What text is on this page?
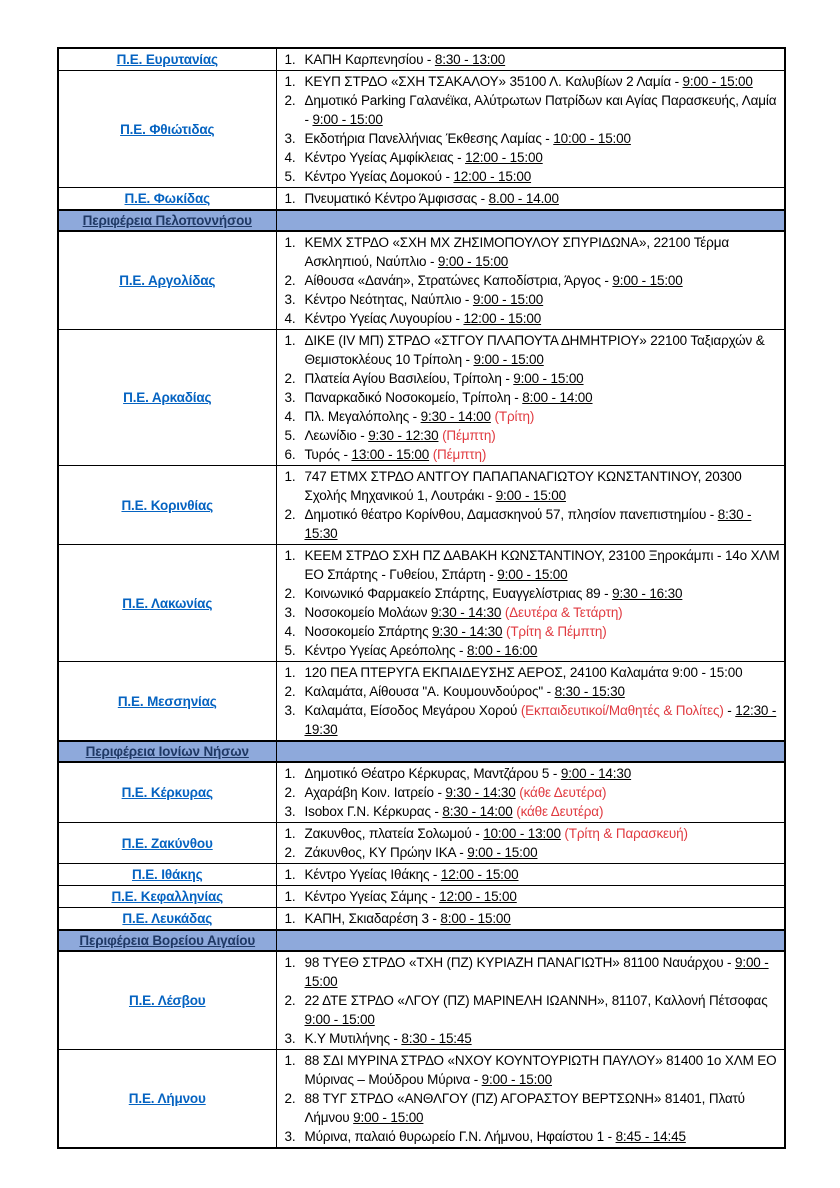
Π.Ε. Ευρυτανίας	1. ΚΑΠΗ Καρπενησίου - 8:30 - 13:00

Π.Ε. Φθιώτιδας	
1. ΚΕΥΠ ΣΤΡΔΟ «ΣΧΗ ΤΣΑΚΑΛΟΥ» 35100 Λ. Καλυβίων 2 Λαμία - 9:00 - 15:00
2. Δημοτικό Parking Γαλανέϊκα, Αλύτρωτων Πατρίδων και Αγίας Παρασκευής, Λαμία - 9:00 - 15:00
3. Εκδοτήρια Πανελλήνιας Έκθεσης Λαμίας - 10:00 - 15:00
4. Κέντρο Υγείας Αμφίκλειας - 12:00 - 15:00
5. Κέντρο Υγείας Δομοκού - 12:00 - 15:00

Π.Ε. Φωκίδας	1. Πνευματικό Κέντρο Άμφισσας - 8.00 - 14.00

Περιφέρεια Πελοποννήσου	

Π.Ε. Αργολίδας	
1. ΚΕΜΧ ΣΤΡΔΟ «ΣΧΗ ΜΧ ΖΗΣΙΜΟΠΟΥΛΟΥ ΣΠΥΡΙΔΩΝΑ», 22100 Τέρμα Ασκληπιού, Ναύπλιο - 9:00 - 15:00
2. Αίθουσα «Δανάη», Στρατώνες Καποδίστρια, Άργος - 9:00 - 15:00
3. Κέντρο Νεότητας, Ναύπλιο - 9:00 - 15:00
4. Κέντρο Υγείας Λυγουρίου - 12:00 - 15:00

Π.Ε. Αρκαδίας	
1. ΔΙΚΕ (IV ΜΠ) ΣΤΡΔΟ «ΣΤΓΟΥ ΠΛΑΠΟΥΤΑ ΔΗΜΗΤΡΙΟΥ» 22100 Ταξιαρχών & Θεμιστοκλέους 10 Τρίπολη - 9:00 - 15:00
2. Πλατεία Αγίου Βασιλείου, Τρίπολη - 9:00 - 15:00
3. Παναρκαδικό Νοσοκομείο, Τρίπολη - 8:00 - 14:00
4. Πλ. Μεγαλόπολης - 9:30 - 14:00 (Τρίτη)
5. Λεωνίδιο - 9:30 - 12:30 (Πέμπτη)
6. Τυρός - 13:00 - 15:00 (Πέμπτη)

Π.Ε. Κορινθίας	1. 747 ΕΤΜΧ ΣΤΡΔΟ ΑΝΤΓΟΥ ΠΑΠΑΠΑΝΑΓΙΩΤΟΥ ΚΩΝΣΤΑΝΤΙΝΟΥ, 20300 Σχολής Μηχανικού 1, Λουτράκι - 9:00 - 15:00
2. Δημοτικό θέατρο Κορίνθου, Δαμασκηνού 57, πλησίον πανεπιστημίου - 8:30 - 15:30

Π.Ε. Λακωνίας	
1. ΚΕΕΜ ΣΤΡΔΟ ΣΧΗ ΠΖ ΔΑΒΑΚΗ ΚΩΝΣΤΑΝΤΙΝΟΥ, 23100 Ξηροκάμπι - 14ο ΧΛΜ ΕΟ Σπάρτης - Γυθείου, Σπάρτη - 9:00 - 15:00
2. Κοινωνικό Φαρμακείο Σπάρτης, Ευαγγελίστριας 89 - 9:30 - 16:30
3. Νοσοκομείο Μολάων 9:30 - 14:30 (Δευτέρα & Τετάρτη)
4. Νοσοκομείο Σπάρτης 9:30 - 14:30 (Τρίτη & Πέμπτη)
5. Κέντρο Υγείας Αρεόπολης - 8:00 - 16:00

Π.Ε. Μεσσηνίας	
1. 120 ΠΕΑ ΠΤΕΡΥΓΑ ΕΚΠΑΙΔΕΥΣΗΣ ΑΕΡΟΣ, 24100 Καλαμάτα 9:00 - 15:00
2. Καλαμάτα, Αίθουσα "Α. Κουμουνδούρος" - 8:30 - 15:30
3. Καλαμάτα, Είσοδος Μεγάρου Χορού (Εκπαιδευτικοί/Μαθητές & Πολίτες) - 12:30 - 19:30

Περιφέρεια Ιονίων Νήσων	

Π.Ε. Κέρκυρας	
1. Δημοτικό Θέατρο Κέρκυρας, Μαντζάρου 5 - 9:00 - 14:30
2. Αχαράβη Κοιν. Ιατρείο - 9:30 - 14:30 (κάθε Δευτέρα)
3. Isobox Γ.Ν. Κέρκυρας - 8:30 - 14:00 (κάθε Δευτέρα)

Π.Ε. Ζακύνθου	1. Ζακυνθος, πλατεία Σολωμού - 10:00 - 13:00 (Τρίτη & Παρασκευή)
2. Ζάκυνθος, ΚΥ Πρώην ΙΚΑ - 9:00 - 15:00

Π.Ε. Ιθάκης	1. Κέντρο Υγείας Ιθάκης - 12:00 - 15:00

Π.Ε. Κεφαλληνίας	1. Κέντρο Υγείας Σάμης - 12:00 - 15:00

Π.Ε. Λευκάδας	1. ΚΑΠΗ, Σκιαδαρέση 3 - 8:00 - 15:00

Περιφέρεια Βορείου Αιγαίου	

Π.Ε. Λέσβου	
1. 98 ΤΥΕΘ ΣΤΡΔΟ «ΤΧΗ (ΠΖ) ΚΥΡΙΑΖΗ ΠΑΝΑΓΙΩΤΗ» 81100 Ναυάρχου - 9:00 - 15:00
2. 22 ΔΤΕ ΣΤΡΔΟ «ΛΓΟΥ (ΠΖ) ΜΑΡΙΝΕΛΗ ΙΩΑΝΝΗ», 81107, Καλλονή Πέτσοφας 9:00 - 15:00
3. Κ.Υ Μυτιλήνης - 8:30 - 15:45

Π.Ε. Λήμνου	
1. 88 ΣΔΙ ΜΥΡΙΝΑ ΣΤΡΔΟ «ΝΧΟΥ ΚΟΥΝΤΟΥΡΙΩΤΗ ΠΑΥΛΟΥ» 81400 1ο ΧΛΜ ΕΟ Μύρινας – Μούδρου Μύρινα - 9:00 - 15:00
2. 88 ΤΥΓ ΣΤΡΔΟ «ΑΝΘΛΓΟΥ (ΠΖ) ΑΓΟΡΑΣΤΟΥ ΒΕΡΤΣΩΝΗ» 81401, Πλατύ Λήμνου 9:00 - 15:00
3. Μύρινα, παλαιό θυρωρείο Γ.Ν. Λήμνου, Ηφαίστου 1 - 8:45 - 14:45
